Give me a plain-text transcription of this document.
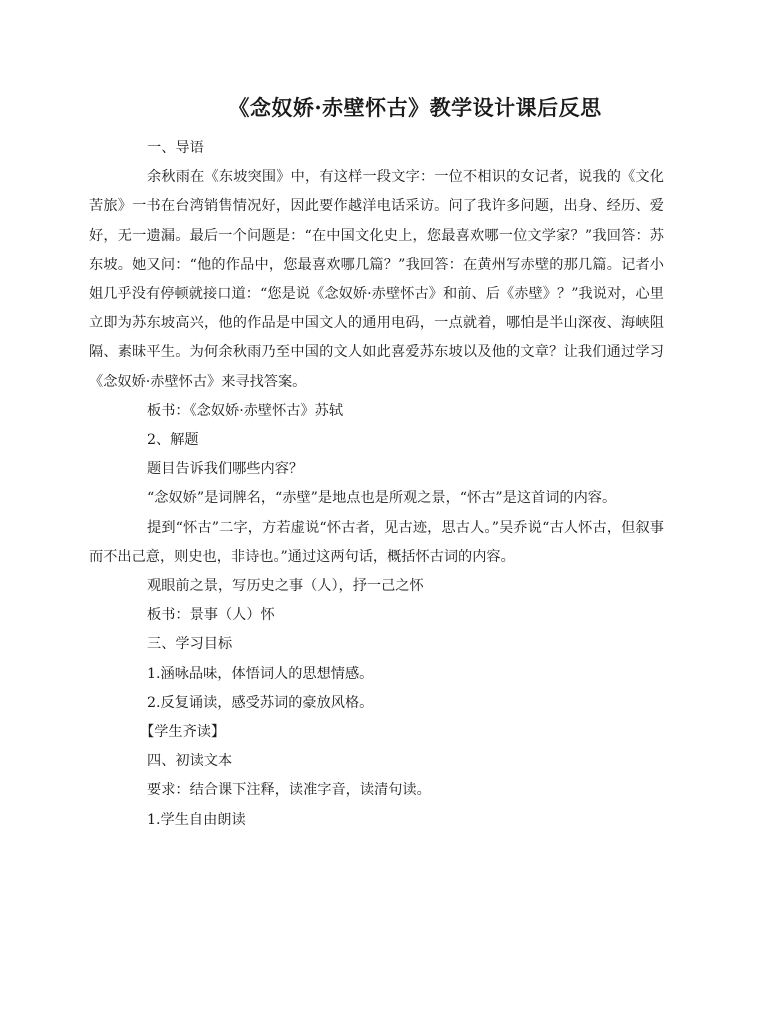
《念奴娇·赤壁怀古》教学设计课后反思

一、导语

余秋雨在《东坡突围》中，有这样一段文字：一位不相识的女记者，说我的《文化苦旅》一书在台湾销售情况好，因此要作越洋电话采访。问了我许多问题，出身、经历、爱好，无一遗漏。最后一个问题是：“在中国文化史上，您最喜欢哪一位文学家？”我回答：苏东坡。她又问：“他的作品中，您最喜欢哪几篇？”我回答：在黄州写赤壁的那几篇。记者小姐几乎没有停顿就接口道：“您是说《念奴娇·赤壁怀古》和前、后《赤壁》？”我说对，心里立即为苏东坡高兴，他的作品是中国文人的通用电码，一点就着，哪怕是半山深夜、海峡阻隔、素昧平生。为何余秋雨乃至中国的文人如此喜爱苏东坡以及他的文章？让我们通过学习《念奴娇·赤壁怀古》来寻找答案。

板书：《念奴娇·赤壁怀古》苏轼

2、解题

题目告诉我们哪些内容？

“念奴娇”是词牌名，“赤壁”是地点也是所观之景，“怀古”是这首词的内容。

提到“怀古”二字，方若虚说“怀古者，见古迹，思古人。”吴乔说“古人怀古，但叙事而不出己意，则史也，非诗也。”通过这两句话，概括怀古词的内容。

观眼前之景，写历史之事（人），抒一己之怀

板书：景事（人）怀

三、学习目标

1.涵咏品味，体悟词人的思想情感。

2.反复诵读，感受苏词的豪放风格。

【学生齐读】

四、初读文本

要求：结合课下注释，读准字音，读清句读。

1.学生自由朗读
